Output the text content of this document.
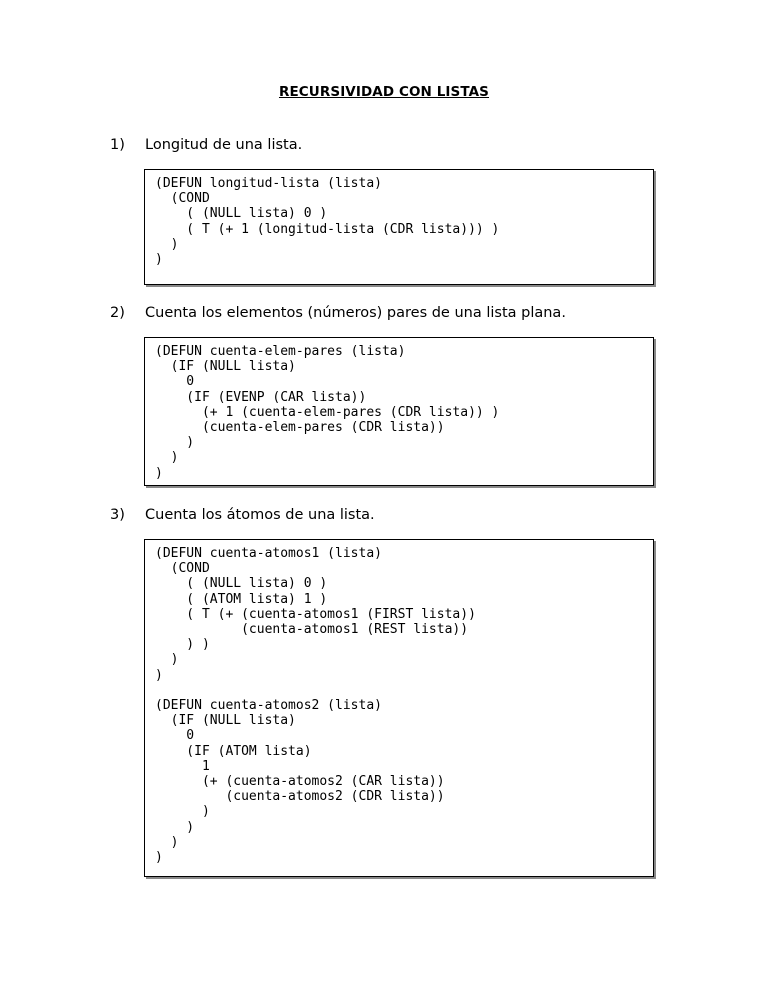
RECURSIVIDAD CON LISTAS
1) Longitud de una lista.
(DEFUN longitud-lista (lista)
(COND
( (NULL lista) 0 )
( T (+ 1 (longitud-lista (CDR lista))) )
)
)
2) Cuenta los elementos (números) pares de una lista plana.
(DEFUN cuenta-elem-pares (lista)
(IF (NULL lista)
0
(IF (EVENP (CAR lista))
(+ 1 (cuenta-elem-pares (CDR lista)) )
(cuenta-elem-pares (CDR lista))
)
)
)
3) Cuenta los átomos de una lista.
(DEFUN cuenta-atomos1 (lista)
(COND
( (NULL lista) 0 )
( (ATOM lista) 1 )
( T (+ (cuenta-atomos1 (FIRST lista))
(cuenta-atomos1 (REST lista))
) )
)
)

(DEFUN cuenta-atomos2 (lista)
(IF (NULL lista)
0
(IF (ATOM lista)
1
(+ (cuenta-atomos2 (CAR lista))
(cuenta-atomos2 (CDR lista))
)
)
)
)
